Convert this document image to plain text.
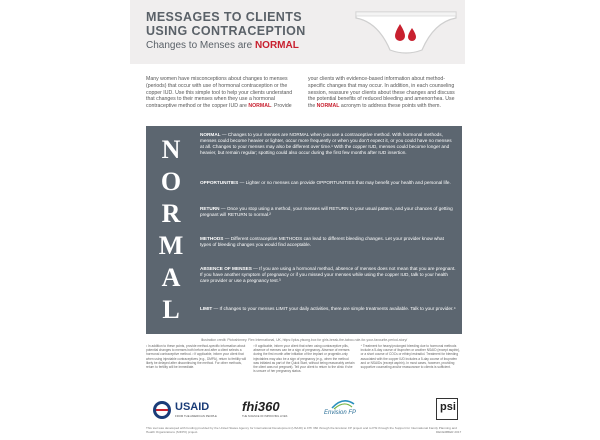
MESSAGES TO CLIENTS
USING CONTRACEPTION
Changes to Menses are NORMAL
Many women have misconceptions about changes to menses (periods) that occur with use of hormonal contraception or the copper IUD. Use this simple tool to help your clients understand that changes to their menses when they use a hormonal contraceptive method or the copper IUD are NORMAL. Provide your clients with evidence-based information about method-specific changes that may occur. In addition, in each counseling session, reassure your clients about these changes and discuss the potential benefits of reduced bleeding and amenorrhea. Use the NORMAL acronym to address these points with them.
N
O
R
M
A
L
NORMAL — Changes to your menses are NORMAL when you use a contraceptive method. With hormonal methods, menses could become heavier or lighter, occur more frequently or when you don't expect it, or you could have no menses at all. Changes to your menses may also be different over time.¹ With the copper IUD, menses could become longer and heavier, but remain regular; spotting could also occur during the first few months after IUD insertion.
OPPORTUNITIES — Lighter or no menses can provide OPPORTUNITIES that may benefit your health and personal life.
RETURN — Once you stop using a method, your menses will RETURN to your usual pattern, and your chances of getting pregnant will RETURN to normal.²
METHODS — Different contraceptive METHODS can lead to different bleeding changes. Let your provider know what types of bleeding changes you would find acceptable.
ABSENCE OF MENSES — If you are using a hormonal method, absence of menses does not mean that you are pregnant. If you have another symptom of pregnancy or if you missed your menses while using the copper IUD, talk to your health care provider or use a pregnancy test.³
LIMIT — If changes to your menses LIMIT your daily activities, there are simple treatments available. Talk to your provider.⁴
Illustration credit: Pictoshinney. Flex International, UK, https://plus.ytsong.box for girls-break-the-taboo-rule-for-your-favourite-period-story/
¹ In addition to these points, provide method-specific information about potential changes to menses both before and after a client selects a hormonal contraceptive method. ² If applicable, inform your client that when using injectable contraceptives (e.g., DMPA), return to fertility will likely be delayed after discontinuing the method. For other methods, return to fertility will be immediate.
³ If applicable, inform your client that when using contraceptive pills, absence of menses can be a sign of pregnancy. Absence of menses during the first month after initiation of the implant or progestin-only injectables may also be a sign of pregnancy (e.g., when the method was initiated as part of the Quick Start, without being reasonably certain the client was not pregnant). Tell your client to return to the clinic if she is unsure of her pregnancy status.
⁴ Treatment for heavy/prolonged bleeding due to hormonal methods include a 5-day course of ibuprofen or another NSAID (except aspirin), or a short course of COCs or ethinyl estradiol. Treatment for bleeding associated with the copper IUD includes a 5-day course of ibuprofen and or NSAIDs (except aspirin). In most cases, however, providing supportive counseling and/or reassurance to clients is sufficient.
USAID
FROM THE AMERICAN PEOPLE
fhi360
THE SCIENCE OF IMPROVING LIVES
Envision FP	psi
This tool was developed with funding provided by the United States Agency for International Development (USAID) to FHI 360 through the Envision FP project and to PSI through the Support for International Family Planning and Health Organizations (SIFPO) project.	DECEMBER 2017
